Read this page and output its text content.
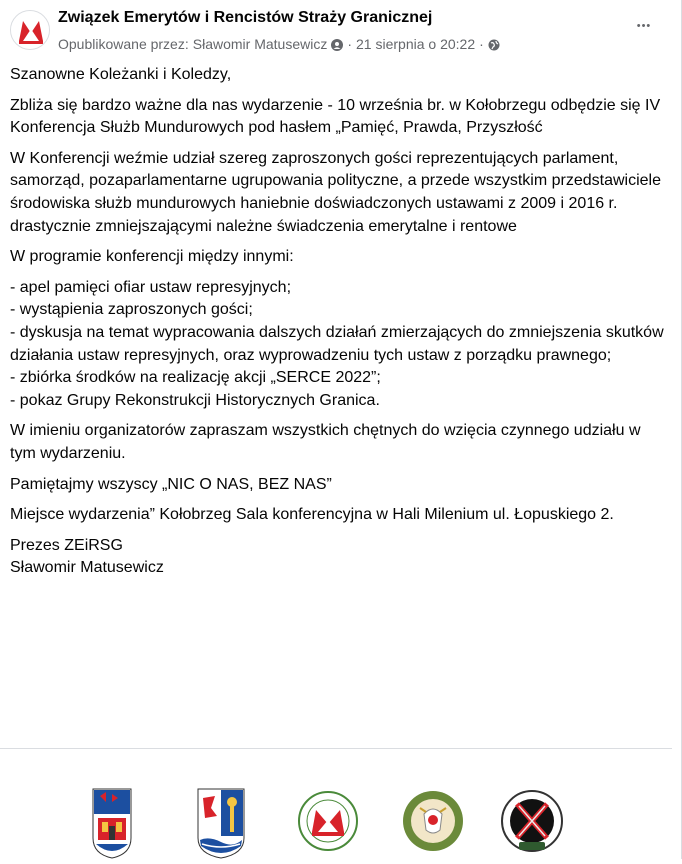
Związek Emerytów i Rencistów Straży Granicznej
Opublikowane przez: Sławomir Matusewicz · 21 sierpnia o 20:22 ·
•••

Szanowne Koleżanki i Koledzy,

Zbliża się bardzo ważne dla nas wydarzenie - 10 września br. w Kołobrzegu odbędzie się IV Konferencja Służb Mundurowych pod hasłem „Pamięć, Prawda, Przyszłość

W Konferencji weźmie udział szereg zaproszonych gości reprezentujących parlament, samorząd, pozaparlamentarne ugrupowania polityczne, a przede wszystkim przedstawiciele środowiska służb mundurowych haniebnie doświadczonych ustawami z 2009 i 2016 r. drastycznie zmniejszającymi należne świadczenia emerytalne i rentowe

W programie konferencji między innymi:

- apel pamięci ofiar ustaw represyjnych;
- wystąpienia zaproszonych gości;
- dyskusja na temat wypracowania dalszych działań zmierzających do zmniejszenia skutków działania ustaw represyjnych, oraz wyprowadzeniu tych ustaw z porządku prawnego;
- zbiórka środków na realizację akcji „SERCE 2022”;
- pokaz Grupy Rekonstrukcji Historycznych Granica.

W imieniu organizatorów zapraszam wszystkich chętnych do wzięcia czynnego udziału w tym wydarzeniu.

Pamiętajmy wszyscy „NIC O NAS, BEZ NAS”

Miejsce wydarzenia” Kołobrzeg Sala konferencyjna w Hali Milenium ul. Łopuskiego 2.

Prezes ZEiRSG
Sławomir Matusewicz
